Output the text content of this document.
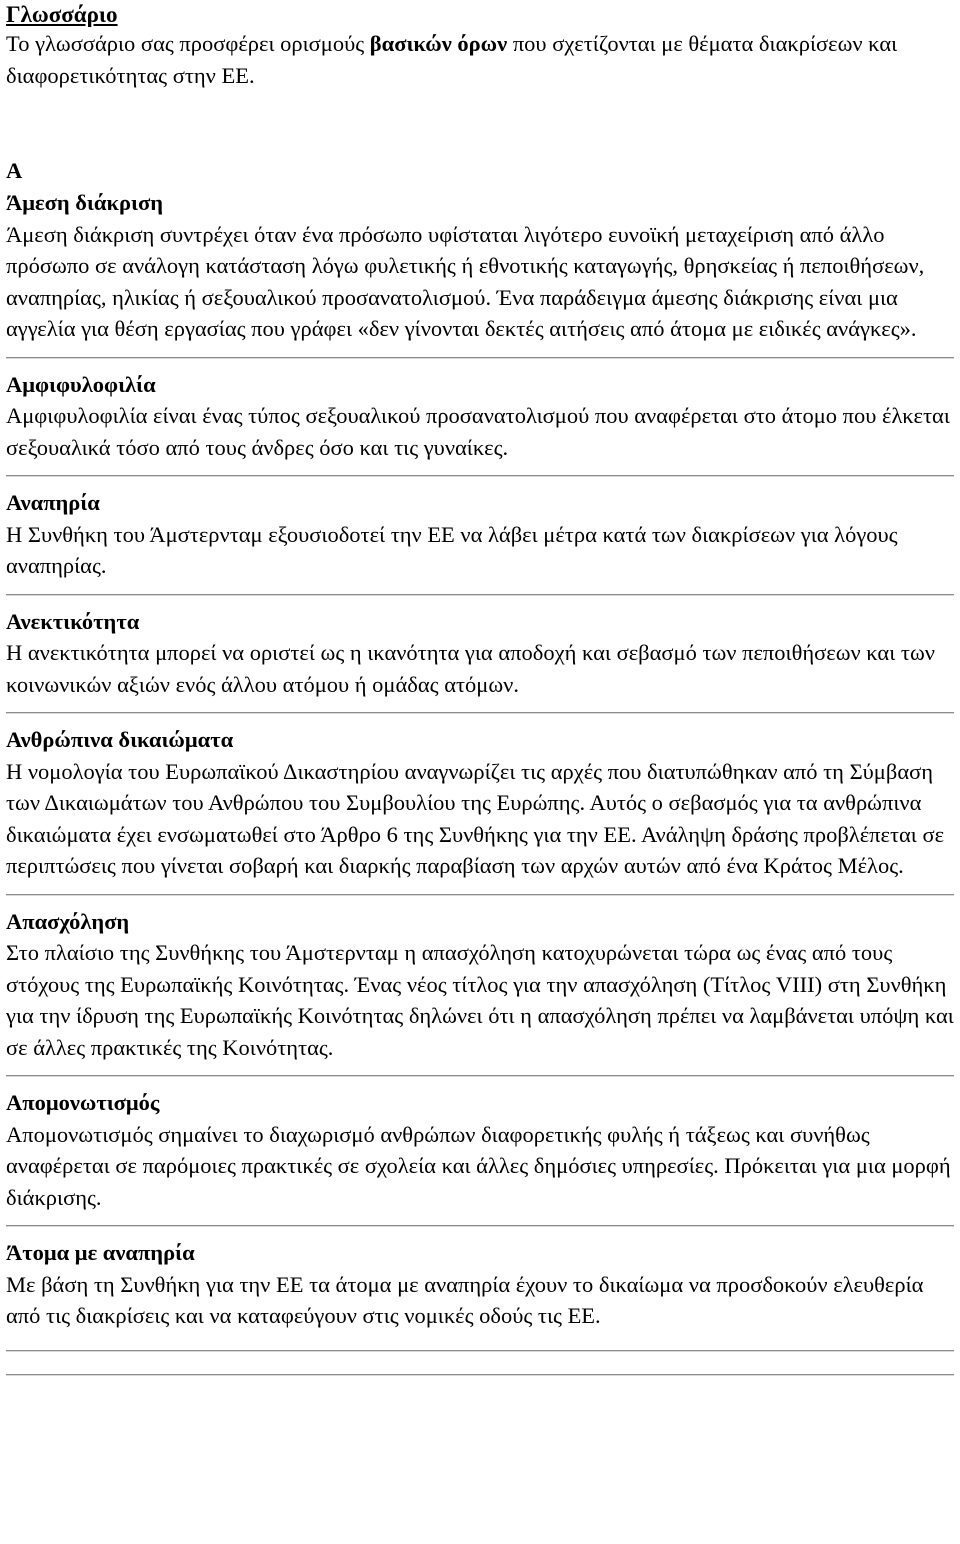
Γλωσσάριο

Το γλωσσάριο σας προσφέρει ορισμούς βασικών όρων που σχετίζονται με θέματα διακρίσεων και διαφορετικότητας στην ΕΕ.

Α
Άμεση διάκριση
Άμεση διάκριση συντρέχει όταν ένα πρόσωπο υφίσταται λιγότερο ευνοϊκή μεταχείριση από άλλο πρόσωπο σε ανάλογη κατάσταση λόγω φυλετικής ή εθνοτικής καταγωγής, θρησκείας ή πεποιθήσεων, αναπηρίας, ηλικίας ή σεξουαλικού προσανατολισμού. Ένα παράδειγμα άμεσης διάκρισης είναι μια αγγελία για θέση εργασίας που γράφει «δεν γίνονται δεκτές αιτήσεις από άτομα με ειδικές ανάγκες».
Αμφιφυλοφιλία
Αμφιφυλοφιλία είναι ένας τύπος σεξουαλικού προσανατολισμού που αναφέρεται στο άτομο που έλκεται σεξουαλικά τόσο από τους άνδρες όσο και τις γυναίκες.
Αναπηρία
Η Συνθήκη του Άμστερνταμ εξουσιοδοτεί την ΕΕ να λάβει μέτρα κατά των διακρίσεων για λόγους αναπηρίας.
Ανεκτικότητα
Η ανεκτικότητα μπορεί να οριστεί ως η ικανότητα για αποδοχή και σεβασμό των πεποιθήσεων και των κοινωνικών αξιών ενός άλλου ατόμου ή ομάδας ατόμων.
Ανθρώπινα δικαιώματα
Η νομολογία του Ευρωπαϊκού Δικαστηρίου αναγνωρίζει τις αρχές που διατυπώθηκαν από τη Σύμβαση των Δικαιωμάτων του Ανθρώπου του Συμβουλίου της Ευρώπης. Αυτός ο σεβασμός για τα ανθρώπινα δικαιώματα έχει ενσωματωθεί στο Άρθρο 6 της Συνθήκης για την ΕΕ. Ανάληψη δράσης προβλέπεται σε περιπτώσεις που γίνεται σοβαρή και διαρκής παραβίαση των αρχών αυτών από ένα Κράτος Μέλος.
Απασχόληση
Στο πλαίσιο της Συνθήκης του Άμστερνταμ η απασχόληση κατοχυρώνεται τώρα ως ένας από τους στόχους της Ευρωπαϊκής Κοινότητας. Ένας νέος τίτλος για την απασχόληση (Τίτλος VIII) στη Συνθήκη για την ίδρυση της Ευρωπαϊκής Κοινότητας δηλώνει ότι η απασχόληση πρέπει να λαμβάνεται υπόψη και σε άλλες πρακτικές της Κοινότητας.
Απομονωτισμός
Απομονωτισμός σημαίνει το διαχωρισμό ανθρώπων διαφορετικής φυλής ή τάξεως και συνήθως αναφέρεται σε παρόμοιες πρακτικές σε σχολεία και άλλες δημόσιες υπηρεσίες. Πρόκειται για μια μορφή διάκρισης.
Άτομα με αναπηρία
Με βάση τη Συνθήκη για την ΕΕ τα άτομα με αναπηρία έχουν το δικαίωμα να προσδοκούν ελευθερία από τις διακρίσεις και να καταφεύγουν στις νομικές οδούς τις ΕΕ.
